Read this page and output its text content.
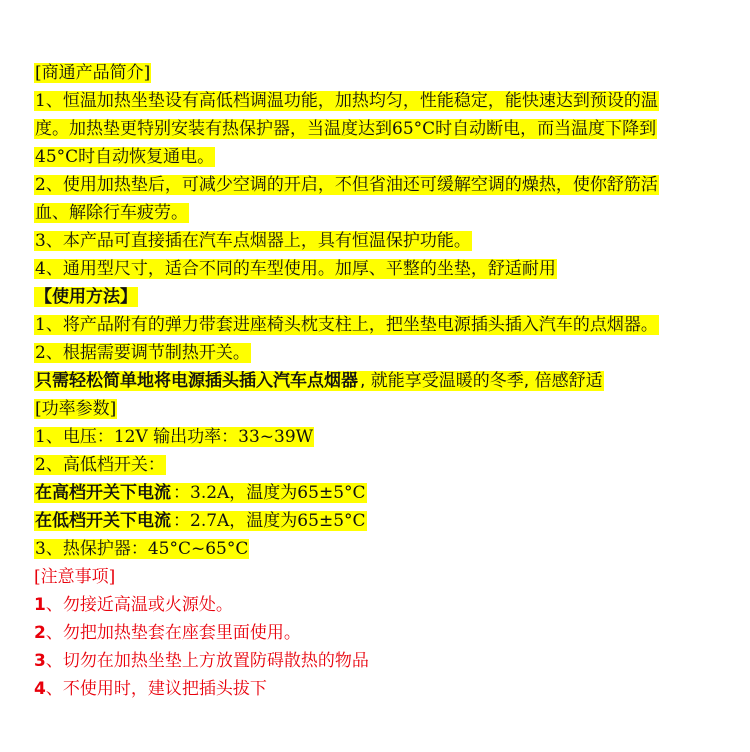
[商通产品简介]
1、恒温加热坐垫设有高低档调温功能，加热均匀，性能稳定，能快速达到预设的温
度。加热垫更特别安装有热保护器，当温度达到65°C时自动断电，而当温度下降到
45°C时自动恢复通电。
2、使用加热垫后，可减少空调的开启，不但省油还可缓解空调的燥热，使你舒筋活
血、解除行车疲劳。
3、本产品可直接插在汽车点烟器上，具有恒温保护功能。
4、通用型尺寸，适合不同的车型使用。加厚、平整的坐垫，舒适耐用
【使用方法】
1、将产品附有的弹力带套进座椅头枕支柱上，把坐垫电源插头插入汽车的点烟器。
2、根据需要调节制热开关。
只需轻松简单地将电源插头插入汽车点烟器 , 就能享受温暖的冬季, 倍感舒适
[功率参数]
1、电压：12V 输出功率：33~39W
2、高低档开关：
在高档开关下电流 ：3.2A，温度为65±5°C
在低档开关下电流 ：2.7A，温度为65±5°C
3、热保护器：45°C~65°C
[注意事项]
1、勿接近高温或火源处。
2、勿把加热垫套在座套里面使用。
3、切勿在加热坐垫上方放置防碍散热的物品
4、不使用时，建议把插头拔下
